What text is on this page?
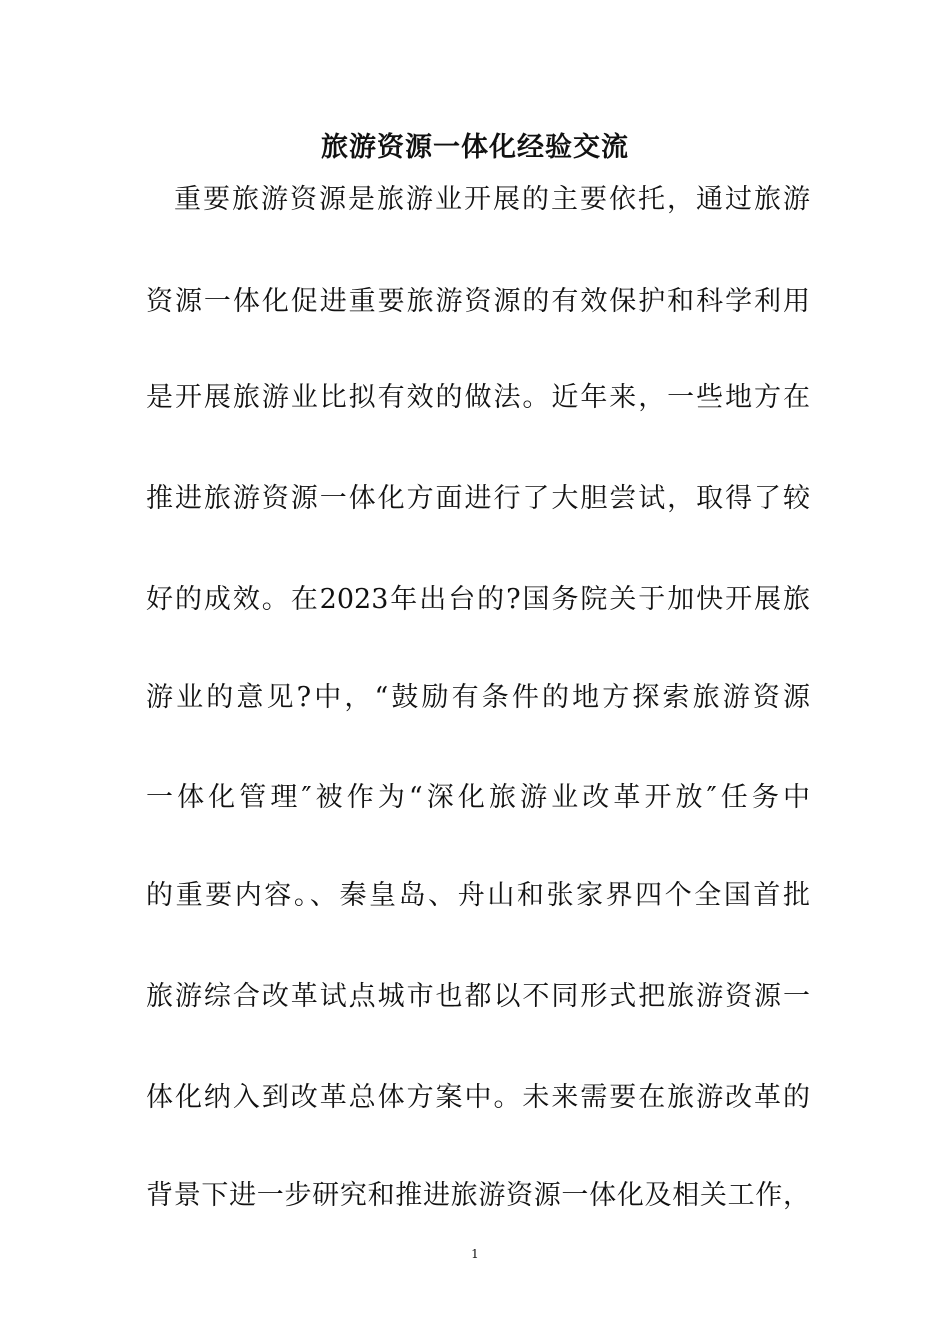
旅游资源一体化经验交流
重要旅游资源是旅游业开展的主要依托，通过旅游
资源一体化促进重要旅游资源的有效保护和科学利用
是开展旅游业比拟有效的做法。近年来，一些地方在
推进旅游资源一体化方面进行了大胆尝试，取得了较
好的成效。在2023年出台的?国务院关于加快开展旅
游业的意见?中，“鼓励有条件的地方探索旅游资源
一体化管理″被作为“深化旅游业改革开放″任务中
的重要内容。、秦皇岛、舟山和张家界四个全国首批
旅游综合改革试点城市也都以不同形式把旅游资源一
体化纳入到改革总体方案中。未来需要在旅游改革的
背景下进一步研究和推进旅游资源一体化及相关工作，
1
